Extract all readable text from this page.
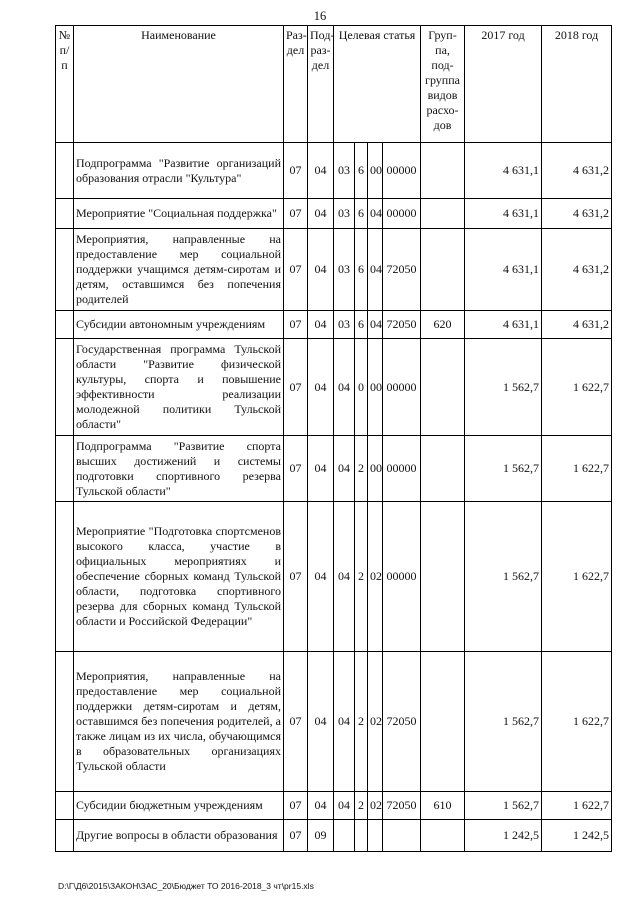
16
№ п/ п	Наименование	Раз-дел	Под-раз-дел	Целевая статья				Груп-па, под-группа видов расхо-дов	2017 год	2018 год
	Подпрограмма "Развитие организаций образования отрасли "Культура"	07	04	03	6	00	00000		4 631,1	4 631,2
	Мероприятие "Социальная поддержка"	07	04	03	6	04	00000		4 631,1	4 631,2
	Мероприятия, направленные на предоставление мер социальной поддержки учащимся детям-сиротам и детям, оставшимся без попечения родителей	07	04	03	6	04	72050		4 631,1	4 631,2
	Субсидии автономным учреждениям	07	04	03	6	04	72050	620	4 631,1	4 631,2
	Государственная программа Тульской области "Развитие физической культуры, спорта и повышение эффективности реализации молодежной политики Тульской области"	07	04	04	0	00	00000		1 562,7	1 622,7
	Подпрограмма "Развитие спорта высших достижений и системы подготовки спортивного резерва Тульской области"	07	04	04	2	00	00000		1 562,7	1 622,7
	Мероприятие "Подготовка спортсменов высокого класса, участие в официальных мероприятиях и обеспечение сборных команд Тульской области, подготовка спортивного резерва для сборных команд Тульской области и Российской Федерации"	07	04	04	2	02	00000		1 562,7	1 622,7
	Мероприятия, направленные на предоставление мер социальной поддержки детям-сиротам и детям, оставшимся без попечения родителей, а также лицам из их числа, обучающимся в образовательных организациях Тульской области	07	04	04	2	02	72050		1 562,7	1 622,7
	Субсидии бюджетным учреждениям	07	04	04	2	02	72050	610	1 562,7	1 622,7
	Другие вопросы в области образования	07	09						1 242,5	1 242,5
D:\Г\Д6\2015\ЗАКОН\ЗАС_20\Бюджет ТО 2016-2018_3 чт\pr15.xls
